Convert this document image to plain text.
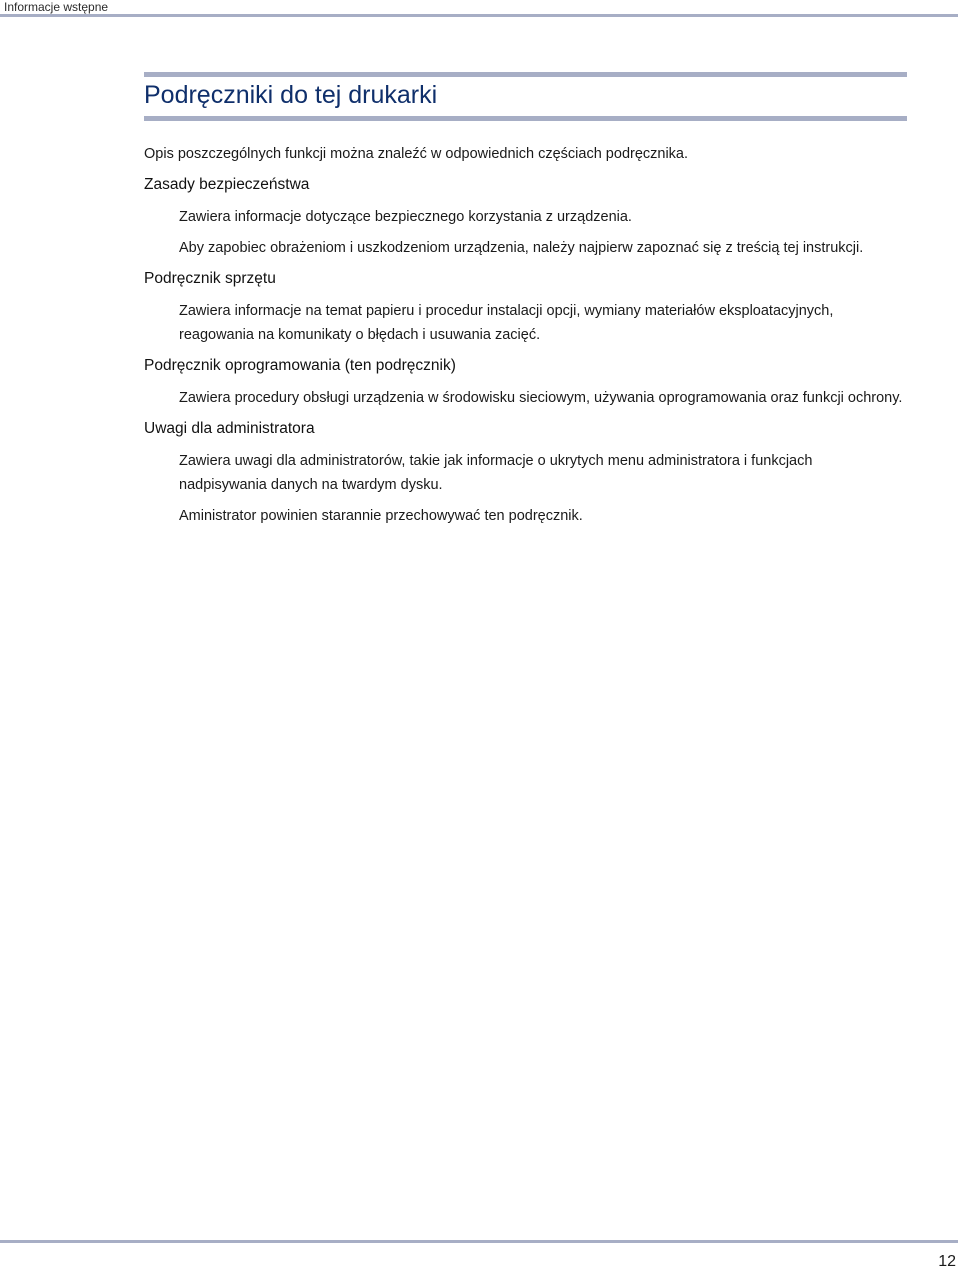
Informacje wstępne
Podręczniki do tej drukarki

Opis poszczególnych funkcji można znaleźć w odpowiednich częściach podręcznika.

Zasady bezpieczeństwa

Zawiera informacje dotyczące bezpiecznego korzystania z urządzenia.

Aby zapobiec obrażeniom i uszkodzeniom urządzenia, należy najpierw zapoznać się z treścią tej instrukcji.

Podręcznik sprzętu

Zawiera informacje na temat papieru i procedur instalacji opcji, wymiany materiałów eksploatacyjnych, reagowania na komunikaty o błędach i usuwania zacięć.

Podręcznik oprogramowania (ten podręcznik)

Zawiera procedury obsługi urządzenia w środowisku sieciowym, używania oprogramowania oraz funkcji ochrony.

Uwagi dla administratora

Zawiera uwagi dla administratorów, takie jak informacje o ukrytych menu administratora i funkcjach nadpisywania danych na twardym dysku.

Aministrator powinien starannie przechowywać ten podręcznik.

12
